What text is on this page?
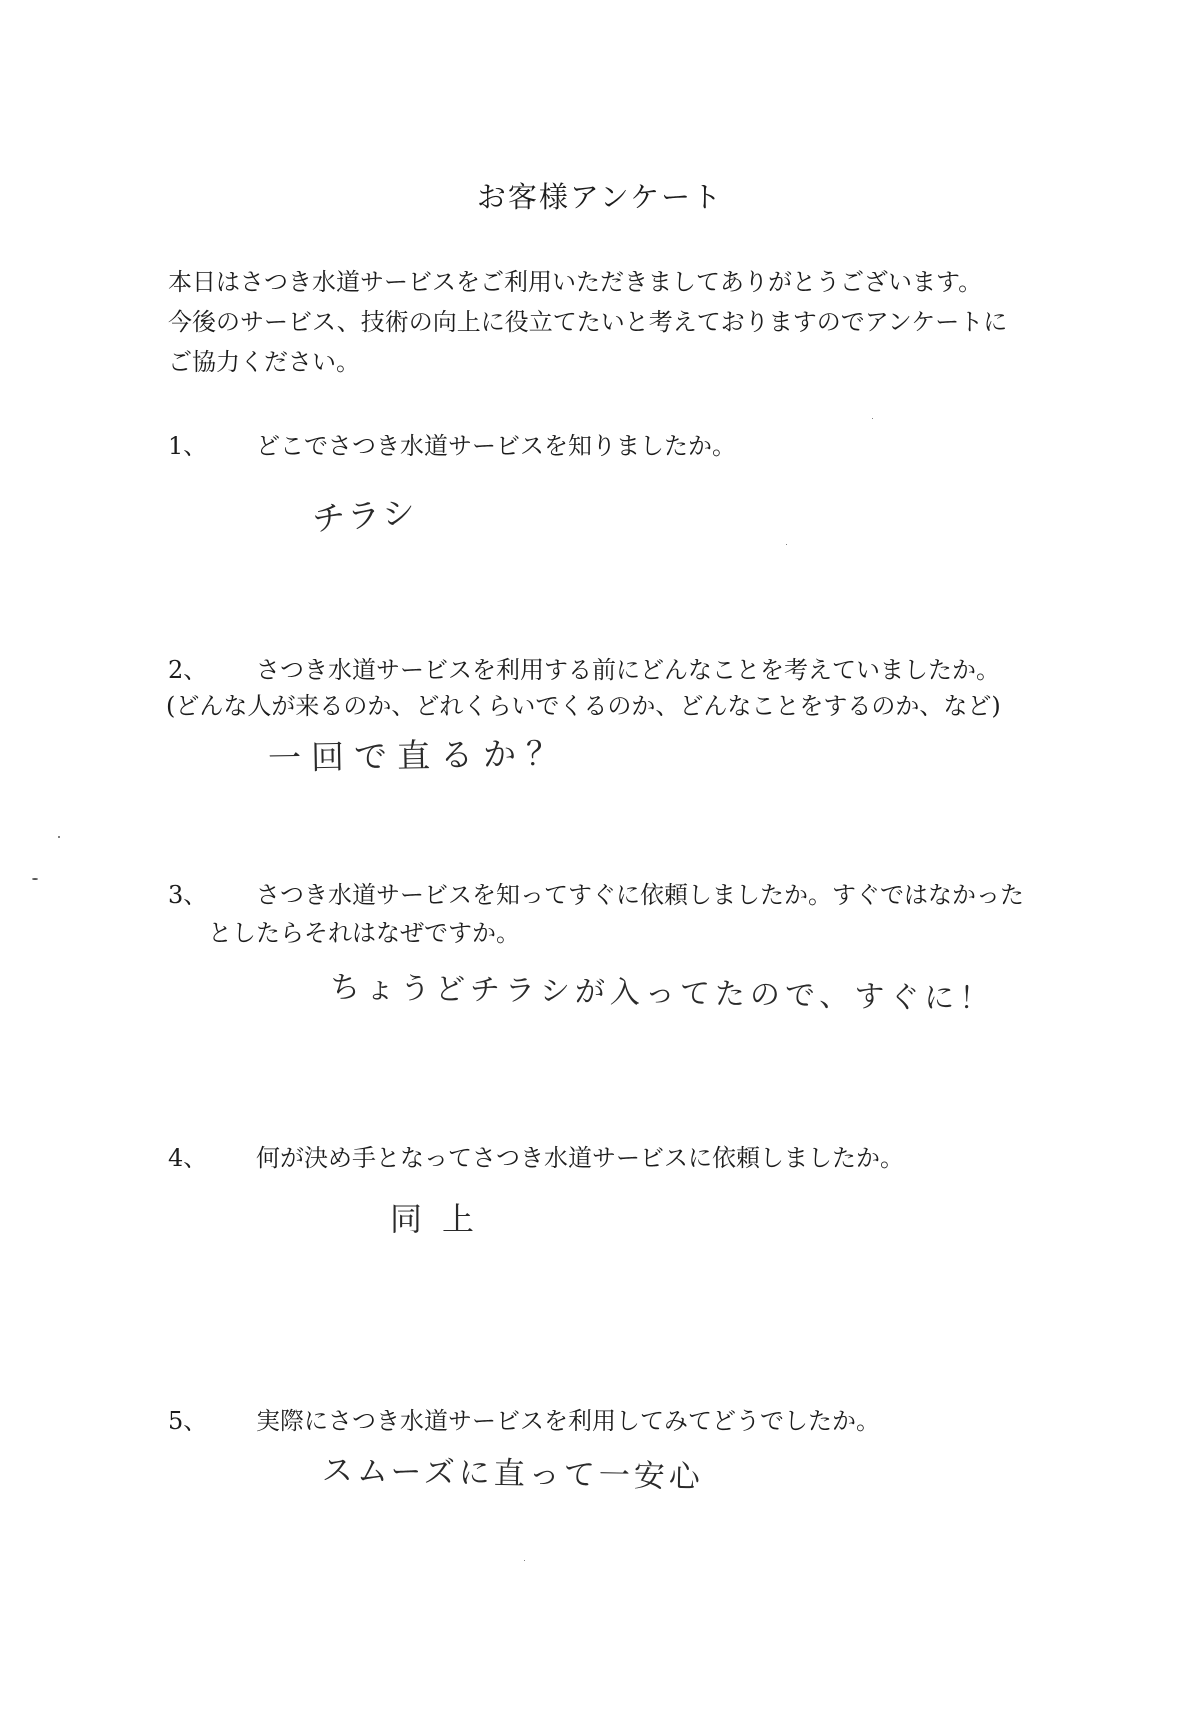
お客様アンケート
本日はさつき水道サービスをご利用いただきましてありがとうございます。
今後のサービス、技術の向上に役立てたいと考えておりますのでアンケートに
ご協力ください。
1、 どこでさつき水道サービスを知りましたか。
チラシ
2、 さつき水道サービスを利用する前にどんなことを考えていましたか。
(どんな人が来るのか、どれくらいでくるのか、どんなことをするのか、など)
一回で直るか？
3、 さつき水道サービスを知ってすぐに依頼しましたか。すぐではなかった
としたらそれはなぜですか。
ちょうどチラシが入ってたので、すぐに！
4、 何が決め手となってさつき水道サービスに依頼しましたか。
同上
5、 実際にさつき水道サービスを利用してみてどうでしたか。
スムーズに直って一安心
